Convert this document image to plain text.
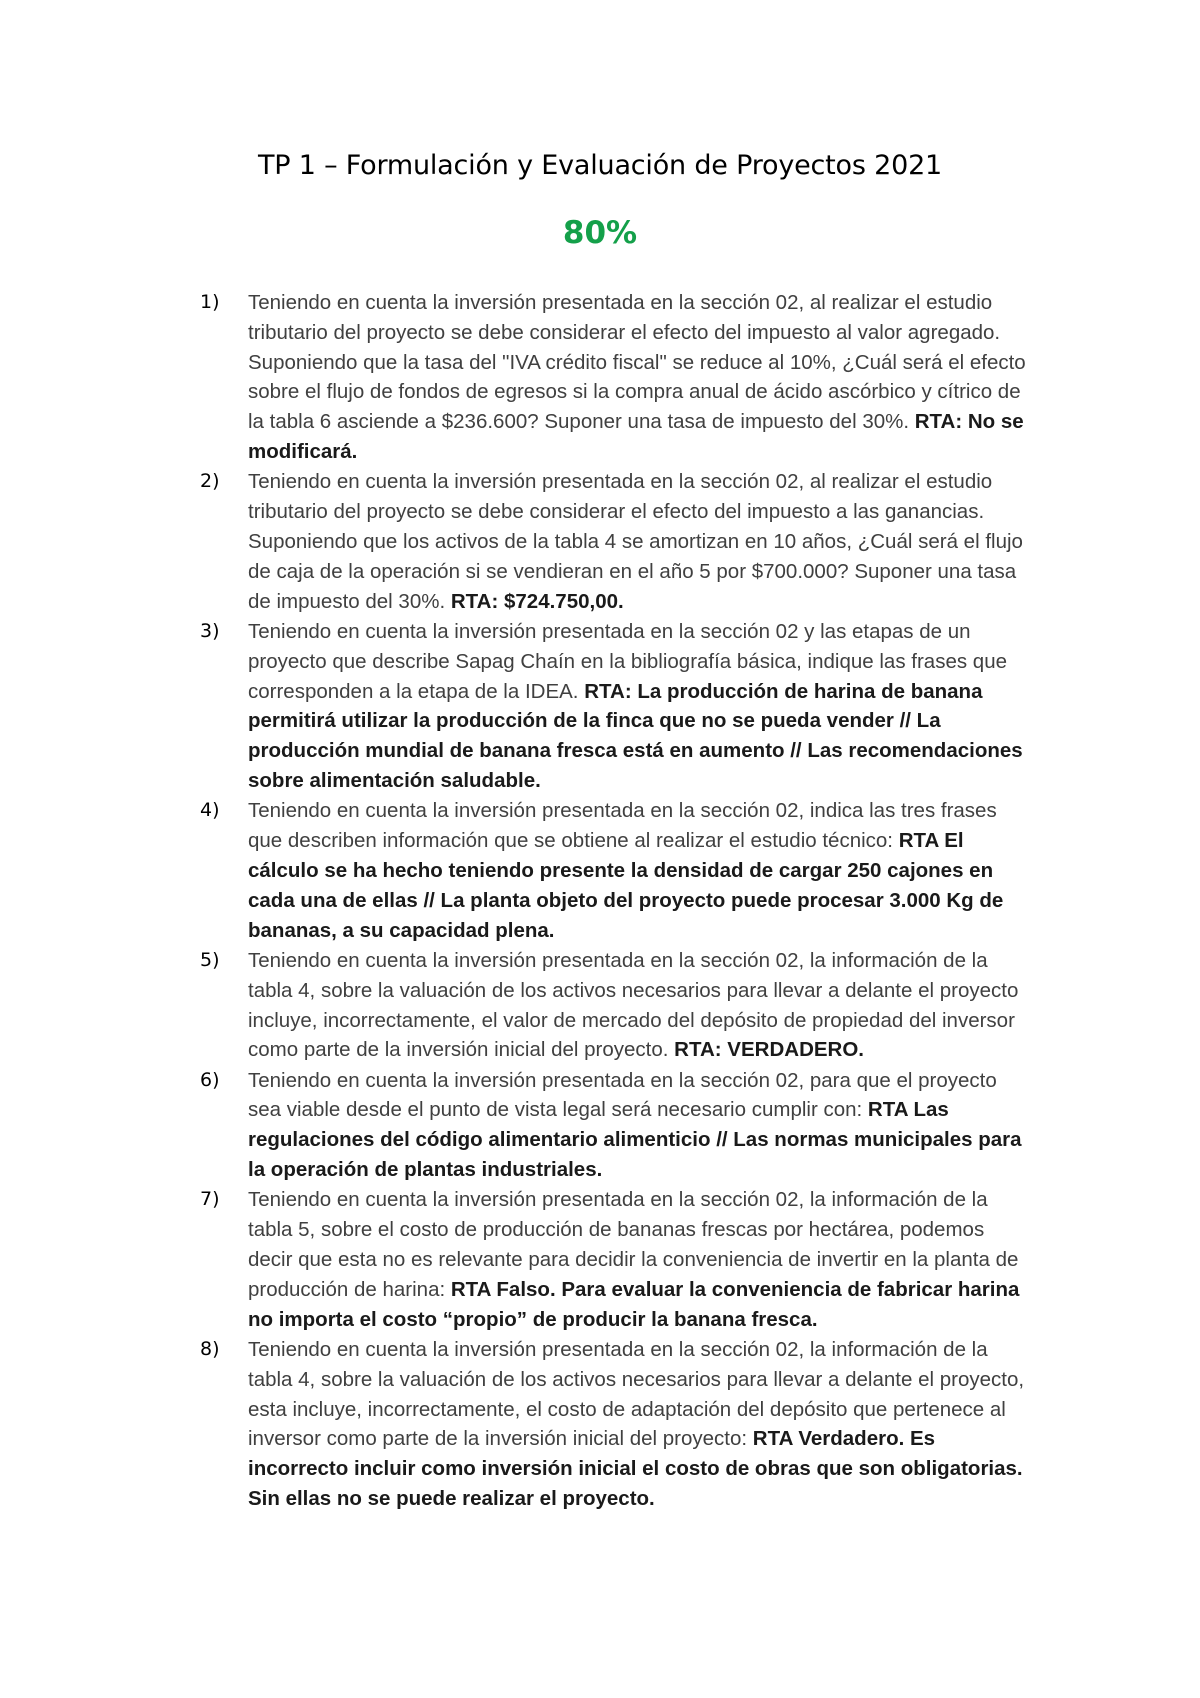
TP 1 – Formulación y Evaluación de Proyectos 2021
80%
1) Teniendo en cuenta la inversión presentada en la sección 02, al realizar el estudio tributario del proyecto se debe considerar el efecto del impuesto al valor agregado. Suponiendo que la tasa del "IVA crédito fiscal" se reduce al 10%, ¿Cuál será el efecto sobre el flujo de fondos de egresos si la compra anual de ácido ascórbico y cítrico de la tabla 6 asciende a $236.600? Suponer una tasa de impuesto del 30%. RTA: No se modificará.
2) Teniendo en cuenta la inversión presentada en la sección 02, al realizar el estudio tributario del proyecto se debe considerar el efecto del impuesto a las ganancias. Suponiendo que los activos de la tabla 4 se amortizan en 10 años, ¿Cuál será el flujo de caja de la operación si se vendieran en el año 5 por $700.000? Suponer una tasa de impuesto del 30%. RTA: $724.750,00.
3) Teniendo en cuenta la inversión presentada en la sección 02 y las etapas de un proyecto que describe Sapag Chaín en la bibliografía básica, indique las frases que corresponden a la etapa de la IDEA. RTA: La producción de harina de banana permitirá utilizar la producción de la finca que no se pueda vender // La producción mundial de banana fresca está en aumento // Las recomendaciones sobre alimentación saludable.
4) Teniendo en cuenta la inversión presentada en la sección 02, indica las tres frases que describen información que se obtiene al realizar el estudio técnico: RTA El cálculo se ha hecho teniendo presente la densidad de cargar 250 cajones en cada una de ellas // La planta objeto del proyecto puede procesar 3.000 Kg de bananas, a su capacidad plena.
5) Teniendo en cuenta la inversión presentada en la sección 02, la información de la tabla 4, sobre la valuación de los activos necesarios para llevar a delante el proyecto incluye, incorrectamente, el valor de mercado del depósito de propiedad del inversor como parte de la inversión inicial del proyecto. RTA: VERDADERO.
6) Teniendo en cuenta la inversión presentada en la sección 02, para que el proyecto sea viable desde el punto de vista legal será necesario cumplir con: RTA Las regulaciones del código alimentario alimenticio // Las normas municipales para la operación de plantas industriales.
7) Teniendo en cuenta la inversión presentada en la sección 02, la información de la tabla 5, sobre el costo de producción de bananas frescas por hectárea, podemos decir que esta no es relevante para decidir la conveniencia de invertir en la planta de producción de harina: RTA Falso. Para evaluar la conveniencia de fabricar harina no importa el costo “propio” de producir la banana fresca.
8) Teniendo en cuenta la inversión presentada en la sección 02, la información de la tabla 4, sobre la valuación de los activos necesarios para llevar a delante el proyecto, esta incluye, incorrectamente, el costo de adaptación del depósito que pertenece al inversor como parte de la inversión inicial del proyecto: RTA Verdadero. Es incorrecto incluir como inversión inicial el costo de obras que son obligatorias. Sin ellas no se puede realizar el proyecto.
